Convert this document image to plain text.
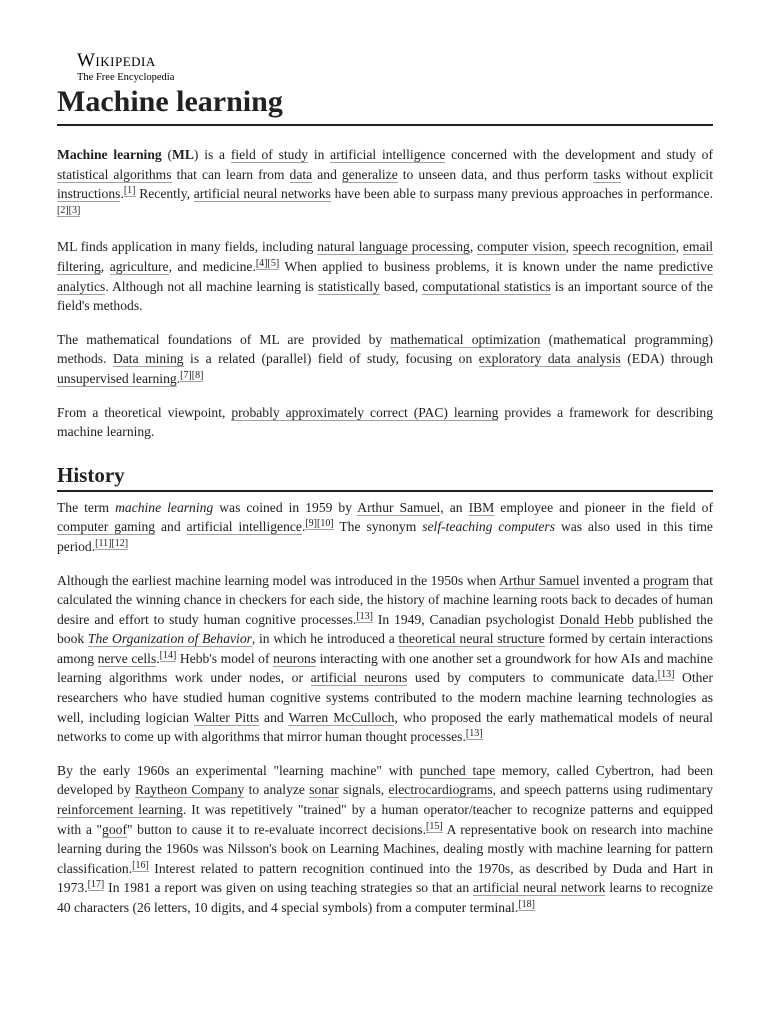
Wikipedia
The Free Encyclopedia
Machine learning

Machine learning (ML) is a field of study in artificial intelligence concerned with the development and study of statistical algorithms that can learn from data and generalize to unseen data, and thus perform tasks without explicit instructions.[1] Recently, artificial neural networks have been able to surpass many previous approaches in performance.[2][3]

ML finds application in many fields, including natural language processing, computer vision, speech recognition, email filtering, agriculture, and medicine.[4][5] When applied to business problems, it is known under the name predictive analytics. Although not all machine learning is statistically based, computational statistics is an important source of the field's methods.

The mathematical foundations of ML are provided by mathematical optimization (mathematical programming) methods. Data mining is a related (parallel) field of study, focusing on exploratory data analysis (EDA) through unsupervised learning.[7][8]

From a theoretical viewpoint, probably approximately correct (PAC) learning provides a framework for describing machine learning.

History

The term machine learning was coined in 1959 by Arthur Samuel, an IBM employee and pioneer in the field of computer gaming and artificial intelligence.[9][10] The synonym self-teaching computers was also used in this time period.[11][12]

Although the earliest machine learning model was introduced in the 1950s when Arthur Samuel invented a program that calculated the winning chance in checkers for each side, the history of machine learning roots back to decades of human desire and effort to study human cognitive processes.[13] In 1949, Canadian psychologist Donald Hebb published the book The Organization of Behavior, in which he introduced a theoretical neural structure formed by certain interactions among nerve cells.[14] Hebb's model of neurons interacting with one another set a groundwork for how AIs and machine learning algorithms work under nodes, or artificial neurons used by computers to communicate data.[13] Other researchers who have studied human cognitive systems contributed to the modern machine learning technologies as well, including logician Walter Pitts and Warren McCulloch, who proposed the early mathematical models of neural networks to come up with algorithms that mirror human thought processes.[13]

By the early 1960s an experimental "learning machine" with punched tape memory, called Cybertron, had been developed by Raytheon Company to analyze sonar signals, electrocardiograms, and speech patterns using rudimentary reinforcement learning. It was repetitively "trained" by a human operator/teacher to recognize patterns and equipped with a "goof" button to cause it to re-evaluate incorrect decisions.[15] A representative book on research into machine learning during the 1960s was Nilsson's book on Learning Machines, dealing mostly with machine learning for pattern classification.[16] Interest related to pattern recognition continued into the 1970s, as described by Duda and Hart in 1973.[17] In 1981 a report was given on using teaching strategies so that an artificial neural network learns to recognize 40 characters (26 letters, 10 digits, and 4 special symbols) from a computer terminal.[18]
